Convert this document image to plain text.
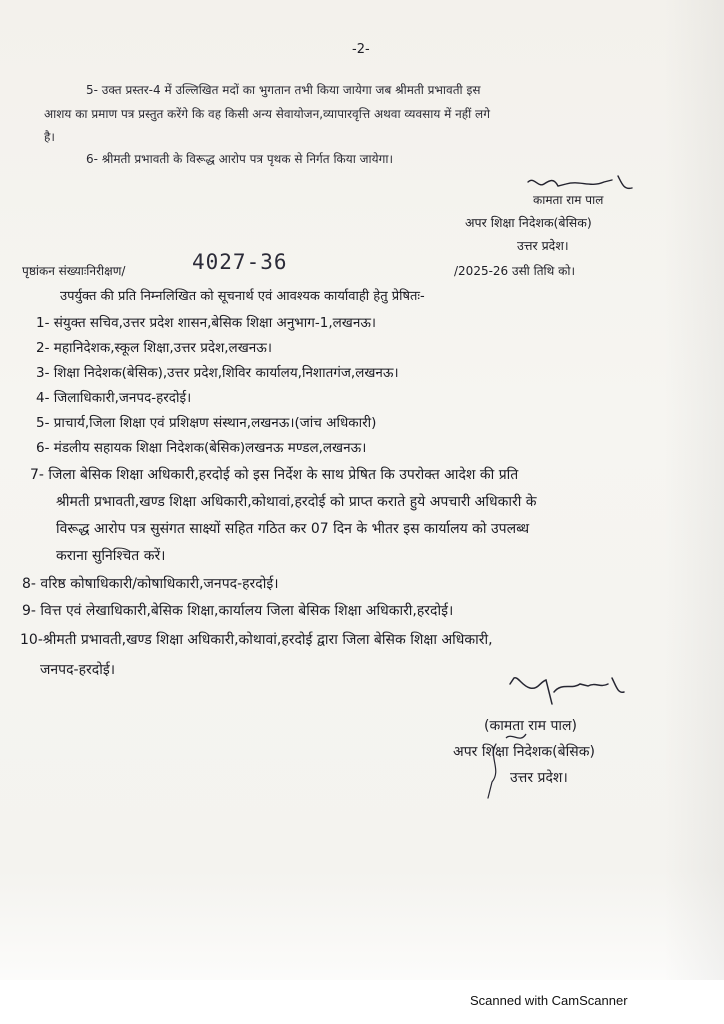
-2-
5- उक्त प्रस्तर-4 में उल्लिखित मदों का भुगतान तभी किया जायेगा जब श्रीमती प्रभावती इस
आशय का प्रमाण पत्र प्रस्तुत करेंगे कि वह किसी अन्य सेवायोजन,व्यापारवृत्ति अथवा व्यवसाय में नहीं लगे
है।
6- श्रीमती प्रभावती के विरूद्ध आरोप पत्र पृथक से निर्गत किया जायेगा।
कामता राम पाल
अपर शिक्षा निदेशक(बेसिक)
उत्तर प्रदेश।
पृष्ठांकन संख्याःनिरीक्षण/	4027-36	/2025-26 उसी तिथि को।
उपर्युक्त की प्रति निम्नलिखित को सूचनार्थ एवं आवश्यक कार्यावाही हेतु प्रेषितः-
1- संयुक्त सचिव,उत्तर प्रदेश शासन,बेसिक शिक्षा अनुभाग-1,लखनऊ।
2- महानिदेशक,स्कूल शिक्षा,उत्तर प्रदेश,लखनऊ।
3- शिक्षा निदेशक(बेसिक),उत्तर प्रदेश,शिविर कार्यालय,निशातगंज,लखनऊ।
4- जिलाधिकारी,जनपद-हरदोई।
5- प्राचार्य,जिला शिक्षा एवं प्रशिक्षण संस्थान,लखनऊ।(जांच अधिकारी)
6- मंडलीय सहायक शिक्षा निदेशक(बेसिक)लखनऊ मण्डल,लखनऊ।
7- जिला बेसिक शिक्षा अधिकारी,हरदोई को इस निर्देश के साथ प्रेषित कि उपरोक्त आदेश की प्रति
श्रीमती प्रभावती,खण्ड शिक्षा अधिकारी,कोथावां,हरदोई को प्राप्त कराते हुये अपचारी अधिकारी के
विरूद्ध आरोप पत्र सुसंगत साक्ष्यों सहित गठित कर 07 दिन के भीतर इस कार्यालय को उपलब्ध
कराना सुनिश्चित करें।
8- वरिष्ठ कोषाधिकारी/कोषाधिकारी,जनपद-हरदोई।
9- वित्त एवं लेखाधिकारी,बेसिक शिक्षा,कार्यालय जिला बेसिक शिक्षा अधिकारी,हरदोई।
10-श्रीमती प्रभावती,खण्ड शिक्षा अधिकारी,कोथावां,हरदोई द्वारा जिला बेसिक शिक्षा अधिकारी,
जनपद-हरदोई।
(कामता राम पाल)
अपर शिक्षा निदेशक(बेसिक)
उत्तर प्रदेश।
Scanned with CamScanner
